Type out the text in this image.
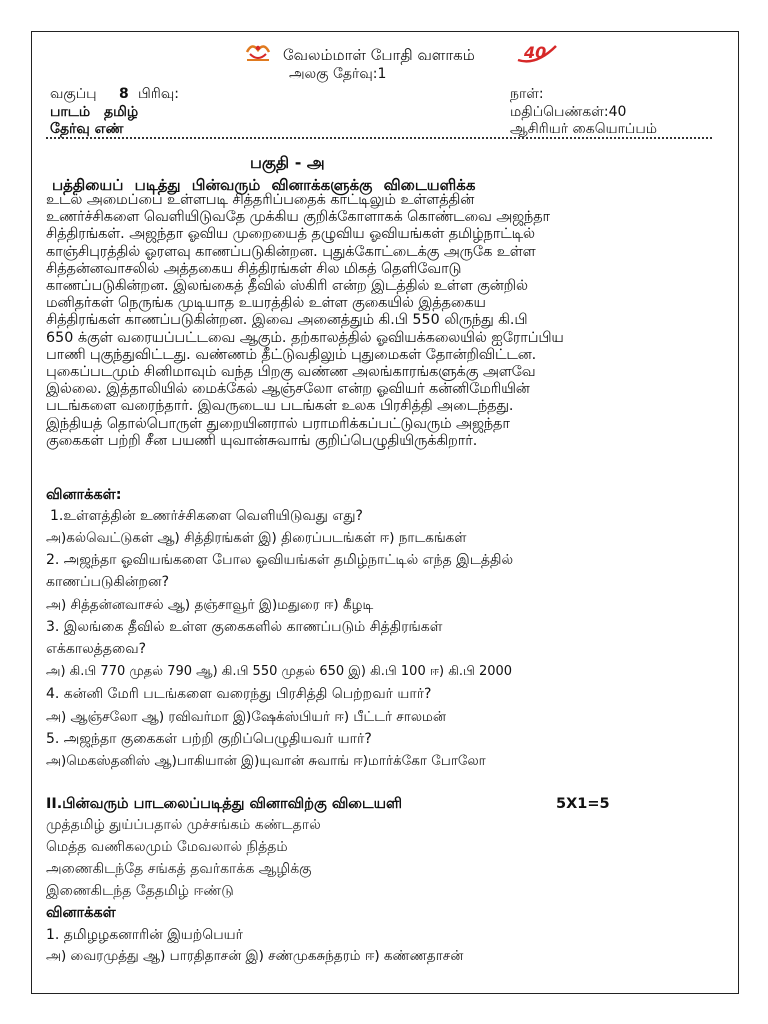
40
வேலம்மாள் போதி வளாகம்
அலகு தேர்வு:1
வகுப்பு 8 பிரிவு:	நாள்:
பாடம் தமிழ்	மதிப்பெண்கள்:40
தேர்வு எண்	ஆசிரியர் கையொப்பம்
பகுதி - அ
பத்தியைப் படித்து பின்வரும் வினாக்களுக்கு விடையளிக்க
உடல் அமைப்பை உள்ளபடி சித்தரிப்பதைக் காட்டிலும் உள்ளத்தின்
உணர்ச்சிகளை வெளியிடுவதே முக்கிய குறிக்கோளாகக் கொண்டவை அஜந்தா
சித்திரங்கள். அஜந்தா ஓவிய முறையைத் தழுவிய ஓவியங்கள் தமிழ்நாட்டில்
காஞ்சிபுரத்தில் ஓரளவு காணப்படுகின்றன. புதுக்கோட்டைக்கு அருகே உள்ள
சித்தன்னவாசலில் அத்தகைய சித்திரங்கள் சில மிகத் தெளிவோடு
காணப்படுகின்றன. இலங்கைத் தீவில் ஸ்கிரி என்ற இடத்தில் உள்ள குன்றில்
மனிதர்கள் நெருங்க முடியாத உயரத்தில் உள்ள குகையில் இத்தகைய
சித்திரங்கள் காணப்படுகின்றன. இவை அனைத்தும் கி.பி 550 லிருந்து கி.பி
650 க்குள் வரையப்பட்டவை ஆகும். தற்காலத்தில் ஓவியக்கலையில் ஐரோப்பிய
பாணி புகுந்துவிட்டது. வண்ணம் தீட்டுவதிலும் புதுமைகள் தோன்றிவிட்டன.
புகைப்படமும் சினிமாவும் வந்த பிறகு வண்ண அலங்காரங்களுக்கு அளவே
இல்லை. இத்தாலியில் மைக்கேல் ஆஞ்சலோ என்ற ஓவியர் கன்னிமேரியின்
படங்களை வரைந்தார். இவருடைய படங்கள் உலக பிரசித்தி அடைந்தது.
இந்தியத் தொல்பொருள் துறையினரால் பராமரிக்கப்பட்டுவரும் அஜந்தா
குகைகள் பற்றி சீன பயணி யுவான்சுவாங் குறிப்பெழுதியிருக்கிறார்.
வினாக்கள்:
1.உள்ளத்தின் உணர்ச்சிகளை வெளியிடுவது எது?
அ)கல்வெட்டுகள் ஆ) சித்திரங்கள் இ) திரைப்படங்கள் ஈ) நாடகங்கள்
2. அஜந்தா ஓவியங்களை போல ஓவியங்கள் தமிழ்நாட்டில் எந்த இடத்தில்
காணப்படுகின்றன?
அ) சித்தன்னவாசல் ஆ) தஞ்சாவூர் இ)மதுரை ஈ) கீழடி
3. இலங்கை தீவில் உள்ள குகைகளில் காணப்படும் சித்திரங்கள்
எக்காலத்தவை?
அ) கி.பி 770 முதல் 790 ஆ) கி.பி 550 முதல் 650 இ) கி.பி 100 ஈ) கி.பி 2000
4. கன்னி மேரி படங்களை வரைந்து பிரசித்தி பெற்றவர் யார்?
அ) ஆஞ்சலோ ஆ) ரவிவர்மா இ)ஷேக்ஸ்பியர் ஈ) பீட்டர் சாலமன்
5. அஜந்தா குகைகள் பற்றி குறிப்பெழுதியவர் யார்?
அ)மெகஸ்தனிஸ் ஆ)பாகியான் இ)யுவான் சுவாங் ஈ)மார்க்கோ போலோ
II.பின்வரும் பாடலைப்படித்து வினாவிற்கு விடையளி	5X1=5
முத்தமிழ் துய்ப்பதால் முச்சங்கம் கண்டதால்
மெத்த வணிகலமும் மேவலால் நித்தம்
அணைகிடந்தே சங்கத் தவர்காக்க ஆழிக்கு
இணைகிடந்த தேதமிழ் ஈண்டு
வினாக்கள்
1. தமிழழகனாரின் இயற்பெயர்
அ) வைரமுத்து ஆ) பாரதிதாசன் இ) சண்முகசுந்தரம் ஈ) கண்ணதாசன்
